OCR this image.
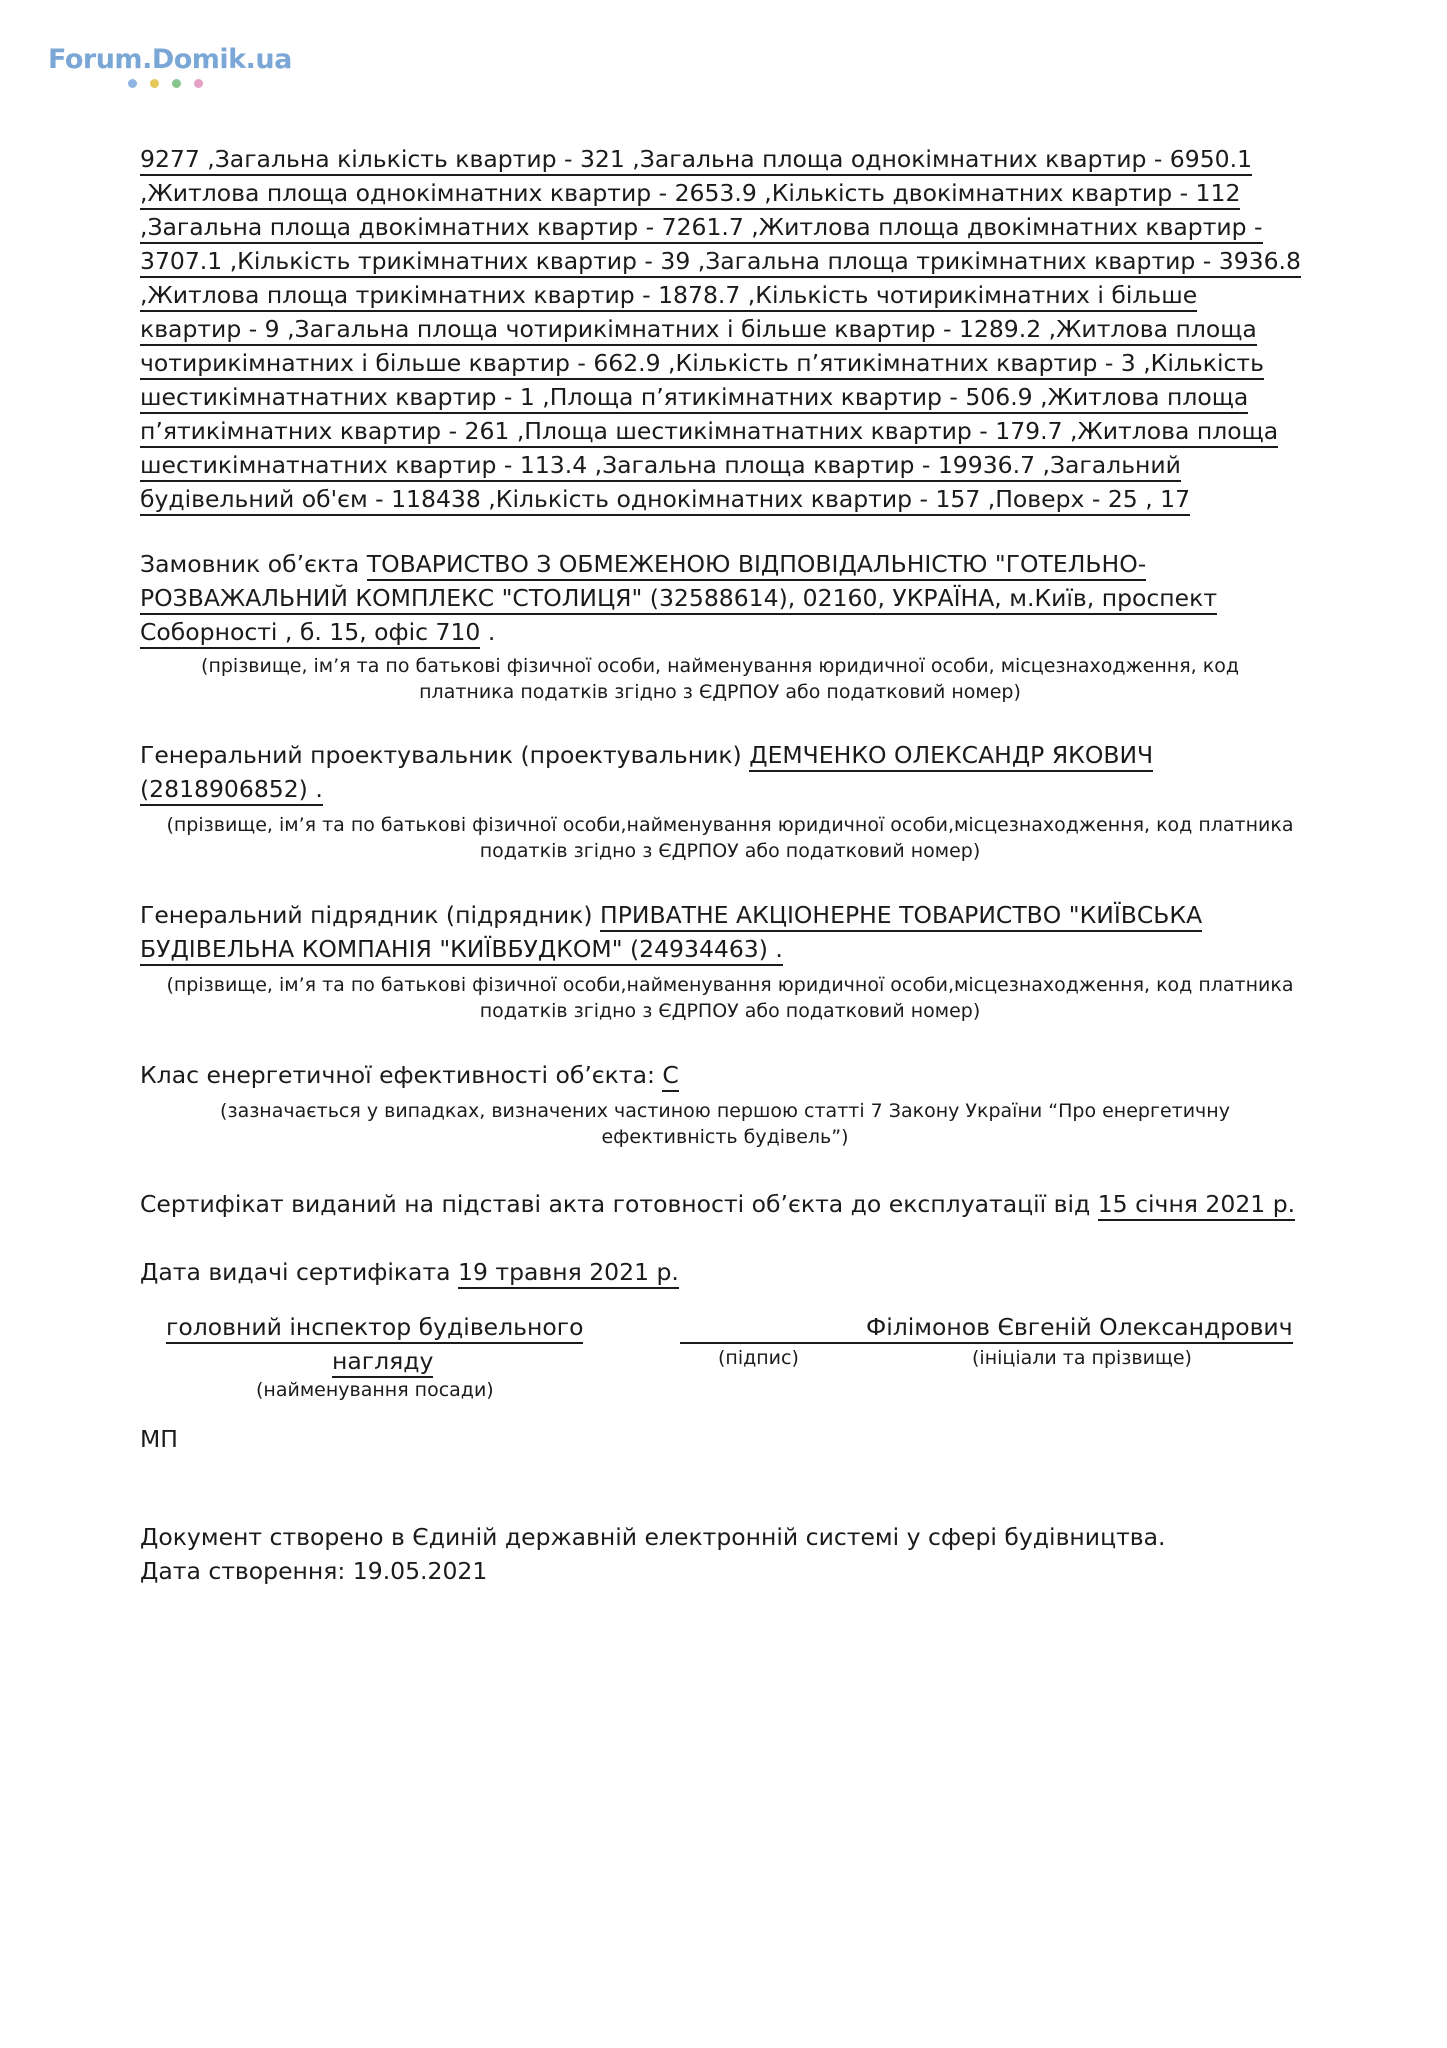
Forum.Domik.ua
9277 ,Загальна кількість квартир - 321 ,Загальна площа однокімнатних квартир - 6950.1
,Житлова площа однокімнатних квартир - 2653.9 ,Кількість двокімнатних квартир - 112
,Загальна площа двокімнатних квартир - 7261.7 ,Житлова площа двокімнатних квартир -
3707.1 ,Кількість трикімнатних квартир - 39 ,Загальна площа трикімнатних квартир - 3936.8
,Житлова площа трикімнатних квартир - 1878.7 ,Кількість чотирикімнатних і більше
квартир - 9 ,Загальна площа чотирикімнатних і більше квартир - 1289.2 ,Житлова площа
чотирикімнатних і більше квартир - 662.9 ,Кількість п’ятикімнатних квартир - 3 ,Кількість
шестикімнатнатних квартир - 1 ,Площа п’ятикімнатних квартир - 506.9 ,Житлова площа
п’ятикімнатних квартир - 261 ,Площа шестикімнатнатних квартир - 179.7 ,Житлова площа
шестикімнатнатних квартир - 113.4 ,Загальна площа квартир - 19936.7 ,Загальний
будівельний об'єм - 118438 ,Кількість однокімнатних квартир - 157 ,Поверх - 25 , 17
Замовник об’єкта ТОВАРИСТВО З ОБМЕЖЕНОЮ ВІДПОВІДАЛЬНІСТЮ "ГОТЕЛЬНО-
РОЗВАЖАЛЬНИЙ КОМПЛЕКС "СТОЛИЦЯ" (32588614), 02160, УКРАЇНА, м.Київ, проспект
Соборності , б. 15, офіс 710 .
(прізвище, ім’я та по батькові фізичної особи, найменування юридичної особи, місцезнаходження, код
платника податків згідно з ЄДРПОУ або податковий номер)
Генеральний проектувальник (проектувальник) ДЕМЧЕНКО ОЛЕКСАНДР ЯКОВИЧ
(2818906852) .
(прізвище, ім’я та по батькові фізичної особи,найменування юридичної особи,місцезнаходження, код платника
податків згідно з ЄДРПОУ або податковий номер)
Генеральний підрядник (підрядник) ПРИВАТНЕ АКЦІОНЕРНЕ ТОВАРИСТВО "КИЇВСЬКА
БУДІВЕЛЬНА КОМПАНІЯ "КИЇВБУДКОМ" (24934463) .
(прізвище, ім’я та по батькові фізичної особи,найменування юридичної особи,місцезнаходження, код платника
податків згідно з ЄДРПОУ або податковий номер)
Клас енергетичної ефективності об’єкта: C
(зазначається у випадках, визначених частиною першою статті 7 Закону України “Про енергетичну
ефективність будівель”)
Сертифікат виданий на підставі акта готовності об’єкта до експлуатації від 15 січня 2021 р.
Дата видачі сертифіката 19 травня 2021 р.
головний інспектор будівельного
нагляду
Філімонов Євгеній Олександрович
(найменування посади)
(підпис)	(ініціали та прізвище)
МП
Документ створено в Єдиній державній електронній системі у сфері будівництва.
Дата створення: 19.05.2021
